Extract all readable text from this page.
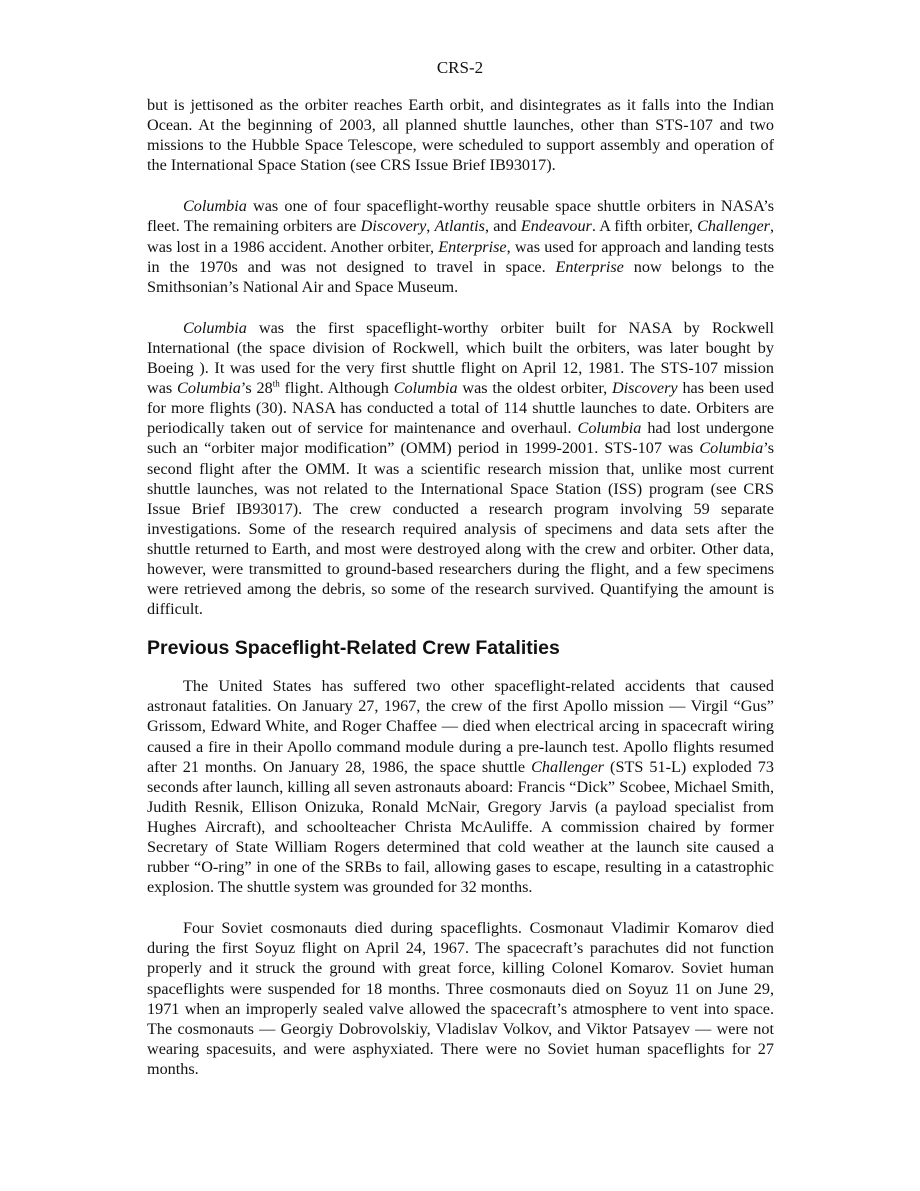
CRS-2

but is jettisoned as the orbiter reaches Earth orbit, and disintegrates as it falls into the Indian Ocean. At the beginning of 2003, all planned shuttle launches, other than STS-107 and two missions to the Hubble Space Telescope, were scheduled to support assembly and operation of the International Space Station (see CRS Issue Brief IB93017).

Columbia was one of four spaceflight-worthy reusable space shuttle orbiters in NASA’s fleet. The remaining orbiters are Discovery, Atlantis, and Endeavour. A fifth orbiter, Challenger, was lost in a 1986 accident. Another orbiter, Enterprise, was used for approach and landing tests in the 1970s and was not designed to travel in space. Enterprise now belongs to the Smithsonian’s National Air and Space Museum.

Columbia was the first spaceflight-worthy orbiter built for NASA by Rockwell International (the space division of Rockwell, which built the orbiters, was later bought by Boeing ). It was used for the very first shuttle flight on April 12, 1981. The STS-107 mission was Columbia’s 28th flight. Although Columbia was the oldest orbiter, Discovery has been used for more flights (30). NASA has conducted a total of 114 shuttle launches to date. Orbiters are periodically taken out of service for maintenance and overhaul. Columbia had lost undergone such an “orbiter major modification” (OMM) period in 1999-2001. STS-107 was Columbia’s second flight after the OMM. It was a scientific research mission that, unlike most current shuttle launches, was not related to the International Space Station (ISS) program (see CRS Issue Brief IB93017). The crew conducted a research program involving 59 separate investigations. Some of the research required analysis of specimens and data sets after the shuttle returned to Earth, and most were destroyed along with the crew and orbiter. Other data, however, were transmitted to ground-based researchers during the flight, and a few specimens were retrieved among the debris, so some of the research survived. Quantifying the amount is difficult.

Previous Spaceflight-Related Crew Fatalities

The United States has suffered two other spaceflight-related accidents that caused astronaut fatalities. On January 27, 1967, the crew of the first Apollo mission — Virgil “Gus” Grissom, Edward White, and Roger Chaffee — died when electrical arcing in spacecraft wiring caused a fire in their Apollo command module during a pre-launch test. Apollo flights resumed after 21 months. On January 28, 1986, the space shuttle Challenger (STS 51-L) exploded 73 seconds after launch, killing all seven astronauts aboard: Francis “Dick” Scobee, Michael Smith, Judith Resnik, Ellison Onizuka, Ronald McNair, Gregory Jarvis (a payload specialist from Hughes Aircraft), and schoolteacher Christa McAuliffe. A commission chaired by former Secretary of State William Rogers determined that cold weather at the launch site caused a rubber “O-ring” in one of the SRBs to fail, allowing gases to escape, resulting in a catastrophic explosion. The shuttle system was grounded for 32 months.

Four Soviet cosmonauts died during spaceflights. Cosmonaut Vladimir Komarov died during the first Soyuz flight on April 24, 1967. The spacecraft’s parachutes did not function properly and it struck the ground with great force, killing Colonel Komarov. Soviet human spaceflights were suspended for 18 months. Three cosmonauts died on Soyuz 11 on June 29, 1971 when an improperly sealed valve allowed the spacecraft’s atmosphere to vent into space. The cosmonauts — Georgiy Dobrovolskiy, Vladislav Volkov, and Viktor Patsayev — were not wearing spacesuits, and were asphyxiated. There were no Soviet human spaceflights for 27 months.
